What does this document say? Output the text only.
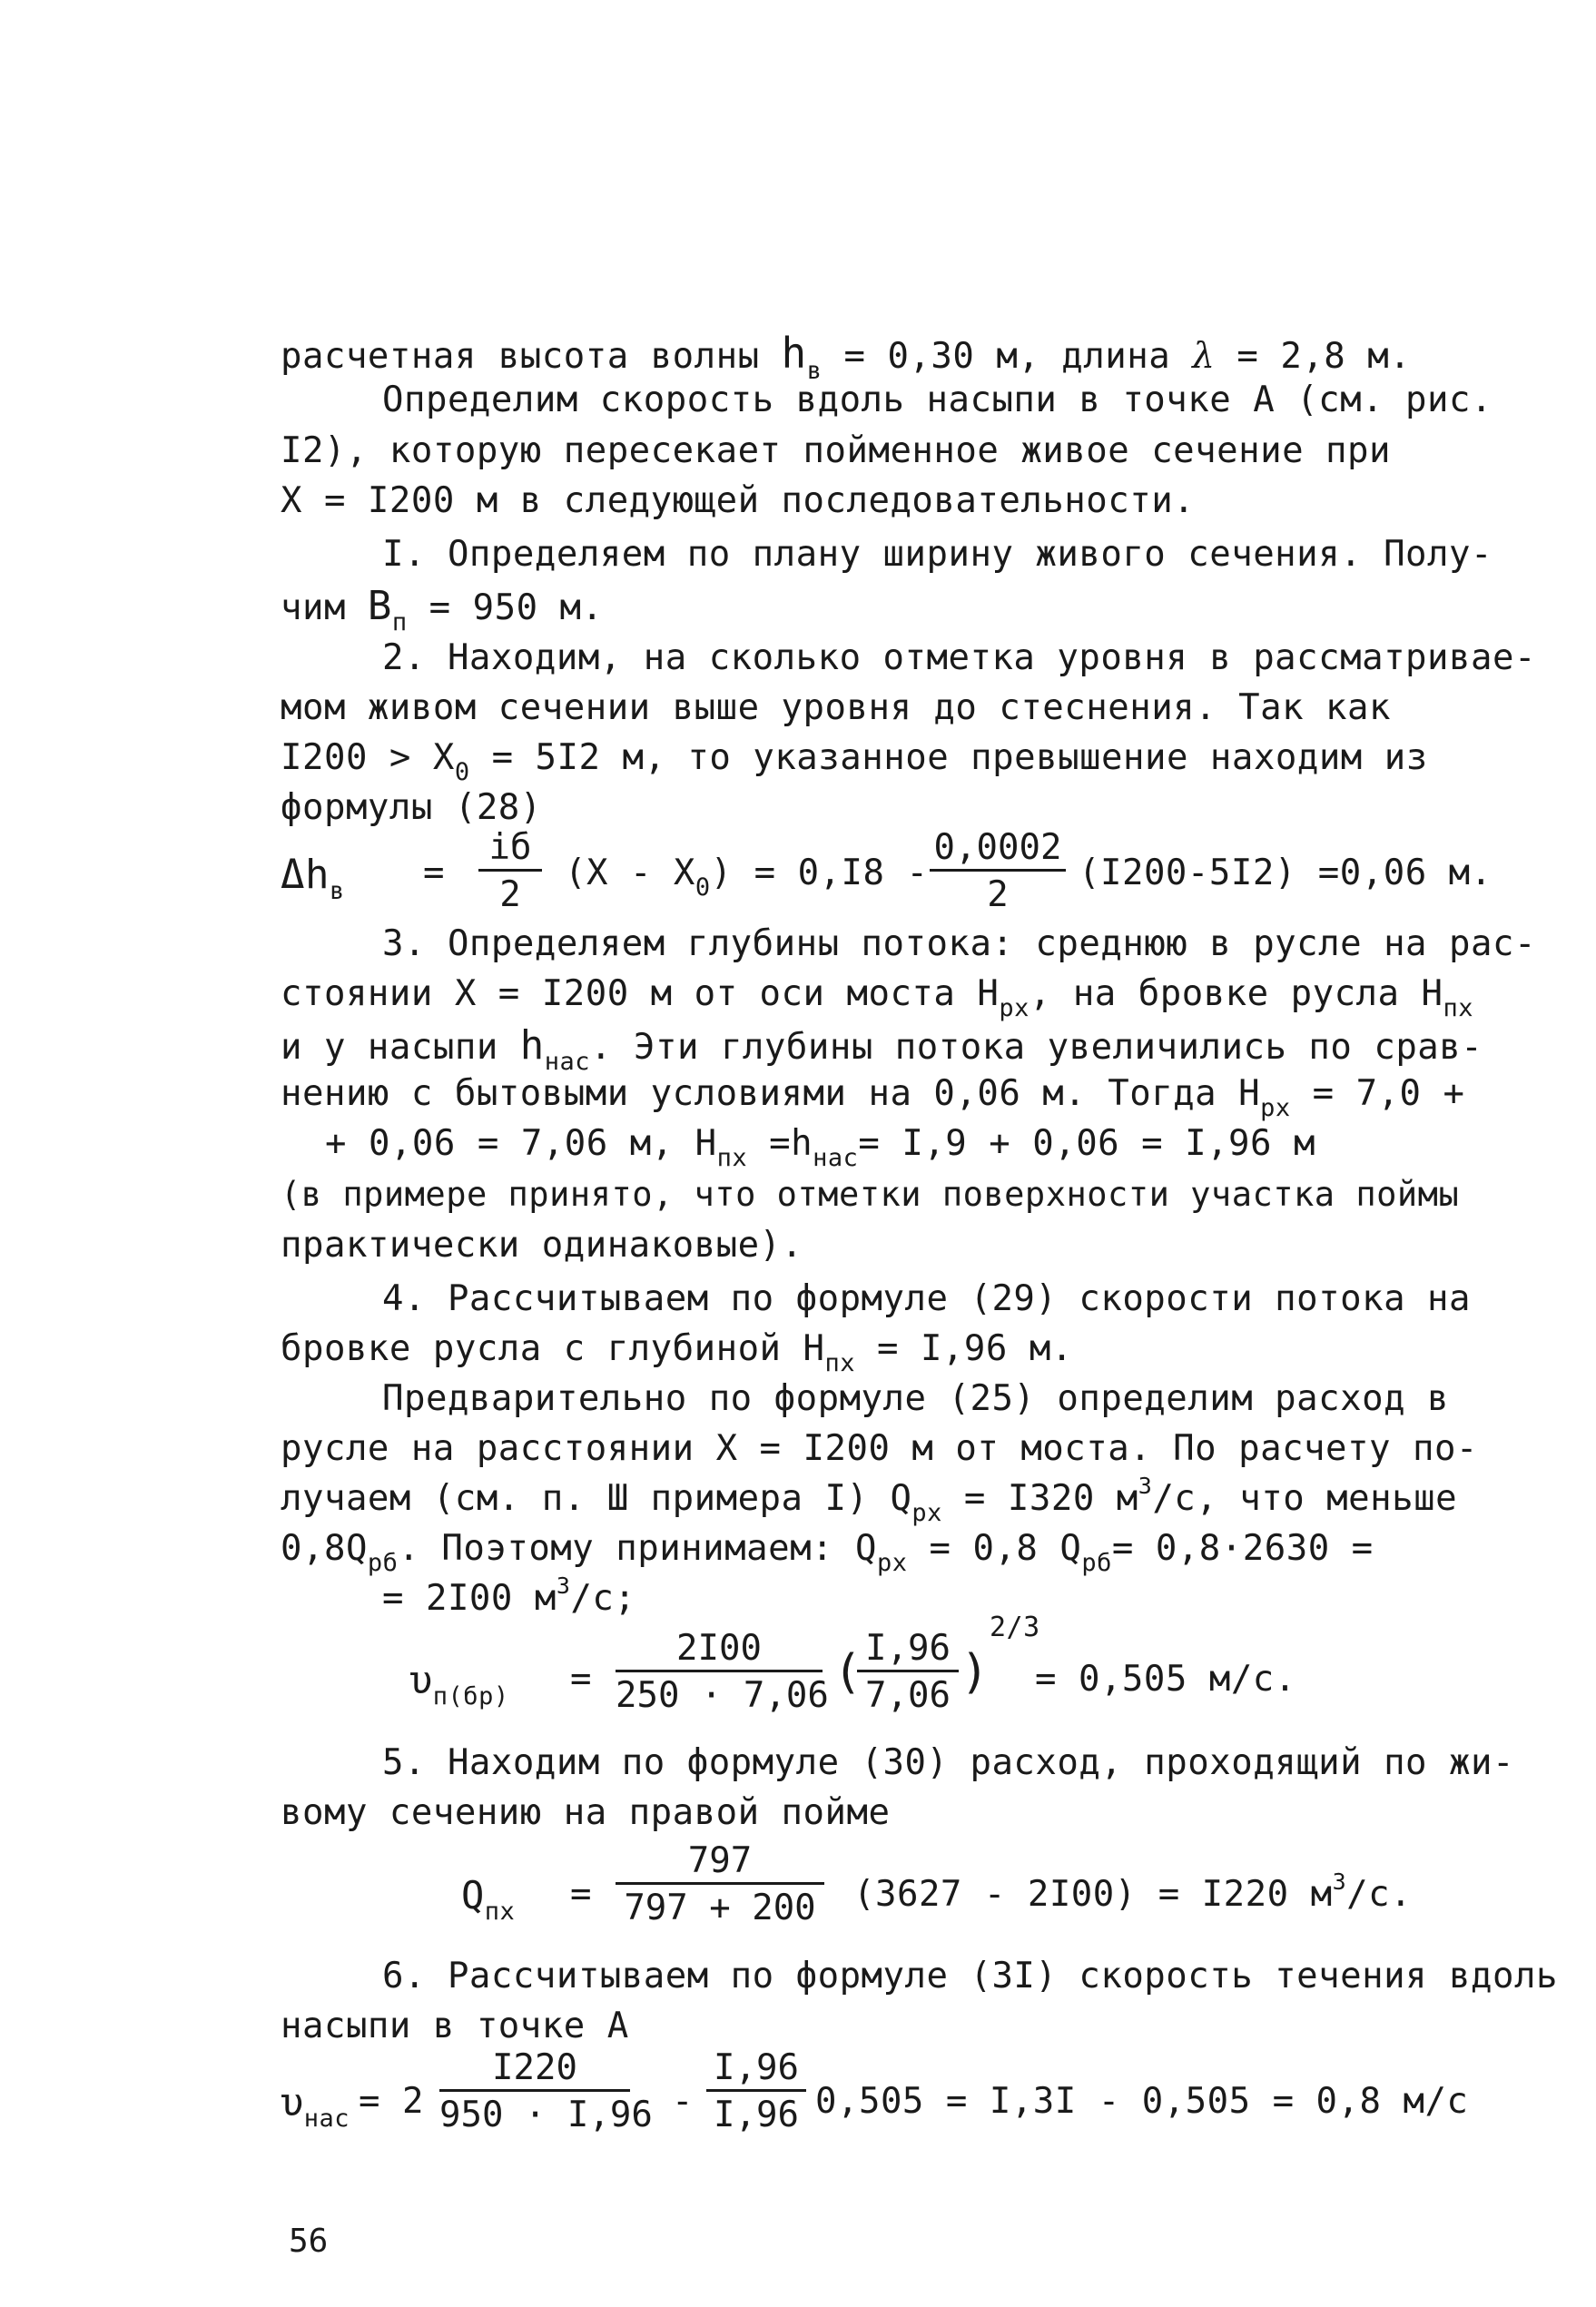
расчетная высота волны $h_в = 0,30$ м, длина λ = 2,8 м.
Определим скорость вдоль насыпи в точке А (см. рис.
I2), которую пересекает пойменное живое сечение при
X = I200 м в следующей последовательности.
I. Определяем по плану ширину живого сечения. Полу-
чим $B_п = 950$ м.
2. Находим, на сколько отметка уровня в рассматривае-
мом живом сечении выше уровня до стеснения. Так как
$I200 > X_0 = 5I2$ м, то указанное превышение находим из
формулы (28)
$\Delta h_в$ =
iб
2
$(X - X_0) = 0,I8 - \frac{0,0002}{2} (I200-5I2) =0,06$ м.
3. Определяем глубины потока: среднюю в русле на рас-
стоянии X = I200 м от оси моста $H_{рх}$, на бровке русла $H_{пх}$
и у насыпи $h_{нас}$. Эти глубины потока увеличились по срав-
нению с бытовыми условиями на 0,06 м. Тогда $H_{рх} = 7,0$ +
+ 0,06 = 7,06 м, $H_{пх} =h_{нас}= I,9 + 0,06 = I,96$ м
(в примере принято, что отметки поверхности участка поймы
практически одинаковые).
4. Рассчитываем по формуле (29) скорости потока на
бровке русла с глубиной $H_{пх} = I,96$ м.
Предварительно по формуле (25) определим расход в
русле на расстоянии X = I200 м от моста. По расчету по-
лучаем (см. п. Ш примера I) $Q_{рх} = I320$ $м^3/с$, что меньше
$0,8Q_{рб}$. Поэтому принимаем: $Q_{рх} = 0,8$ $Q_{рб}= 0,8\cdot 2630$ =
= 2I00 $м^3/с$;
$\upsilon_{п(бр)} = \frac{2I00}{250 \cdot 7,06}$ (
$\frac{I,96}{7,06}$ )
2/3
= 0,505 м/с.
5. Находим по формуле (30) расход, проходящий по жи-
вому сечению на правой пойме
$Q_{пх} = \frac{797}{797 + 200} (3627 - 2I00) = I220$ $м^3/с$.
6. Рассчитываем по формуле (3I) скорость течения вдоль
насыпи в точке А
$\upsilon_{нас} = 2 \frac{I220}{950 \cdot I,96} - \frac{I,96}{I,96} 0,505 = I,3I - 0,505 = 0,8$ м/с
56
